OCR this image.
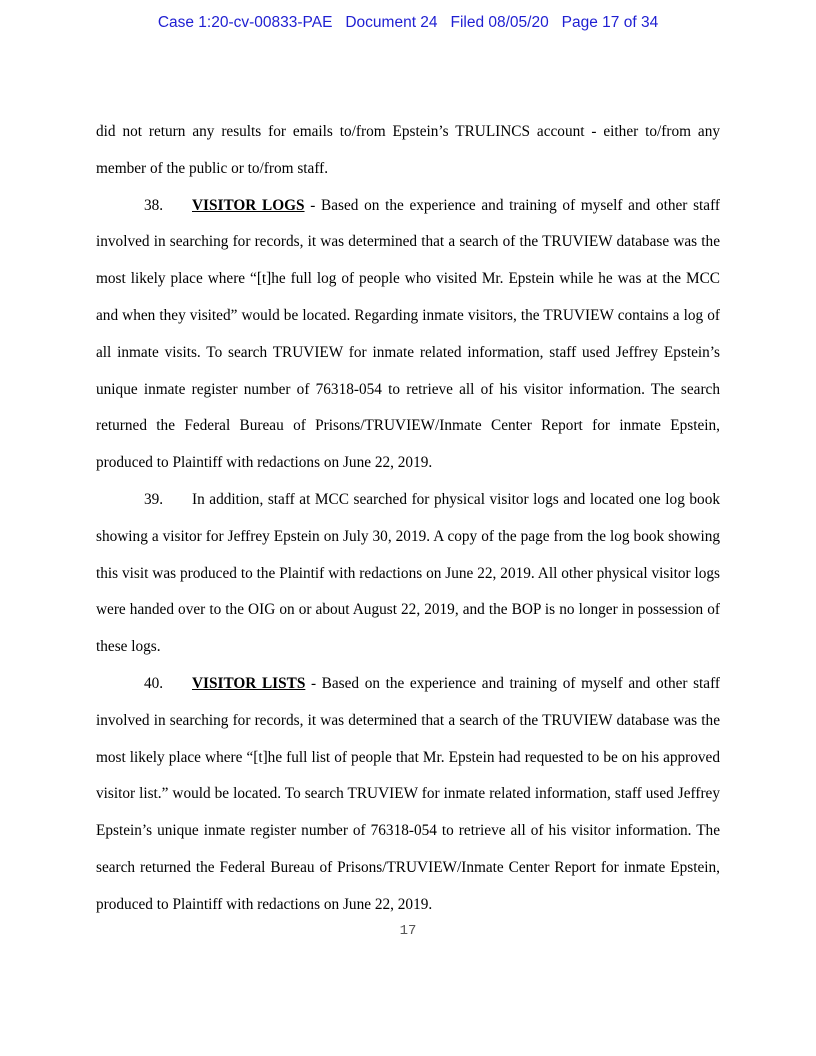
Case 1:20-cv-00833-PAE Document 24 Filed 08/05/20 Page 17 of 34

did not return any results for emails to/from Epstein’s TRULINCS account - either to/from any member of the public or to/from staff.

38. VISITOR LOGS - Based on the experience and training of myself and other staff involved in searching for records, it was determined that a search of the TRUVIEW database was the most likely place where “[t]he full log of people who visited Mr. Epstein while he was at the MCC and when they visited” would be located. Regarding inmate visitors, the TRUVIEW contains a log of all inmate visits. To search TRUVIEW for inmate related information, staff used Jeffrey Epstein’s unique inmate register number of 76318-054 to retrieve all of his visitor information. The search returned the Federal Bureau of Prisons/TRUVIEW/Inmate Center Report for inmate Epstein, produced to Plaintiff with redactions on June 22, 2019.

39. In addition, staff at MCC searched for physical visitor logs and located one log book showing a visitor for Jeffrey Epstein on July 30, 2019. A copy of the page from the log book showing this visit was produced to the Plaintif with redactions on June 22, 2019. All other physical visitor logs were handed over to the OIG on or about August 22, 2019, and the BOP is no longer in possession of these logs.

40. VISITOR LISTS - Based on the experience and training of myself and other staff involved in searching for records, it was determined that a search of the TRUVIEW database was the most likely place where “[t]he full list of people that Mr. Epstein had requested to be on his approved visitor list.” would be located. To search TRUVIEW for inmate related information, staff used Jeffrey Epstein’s unique inmate register number of 76318-054 to retrieve all of his visitor information. The search returned the Federal Bureau of Prisons/TRUVIEW/Inmate Center Report for inmate Epstein, produced to Plaintiff with redactions on June 22, 2019.

17
